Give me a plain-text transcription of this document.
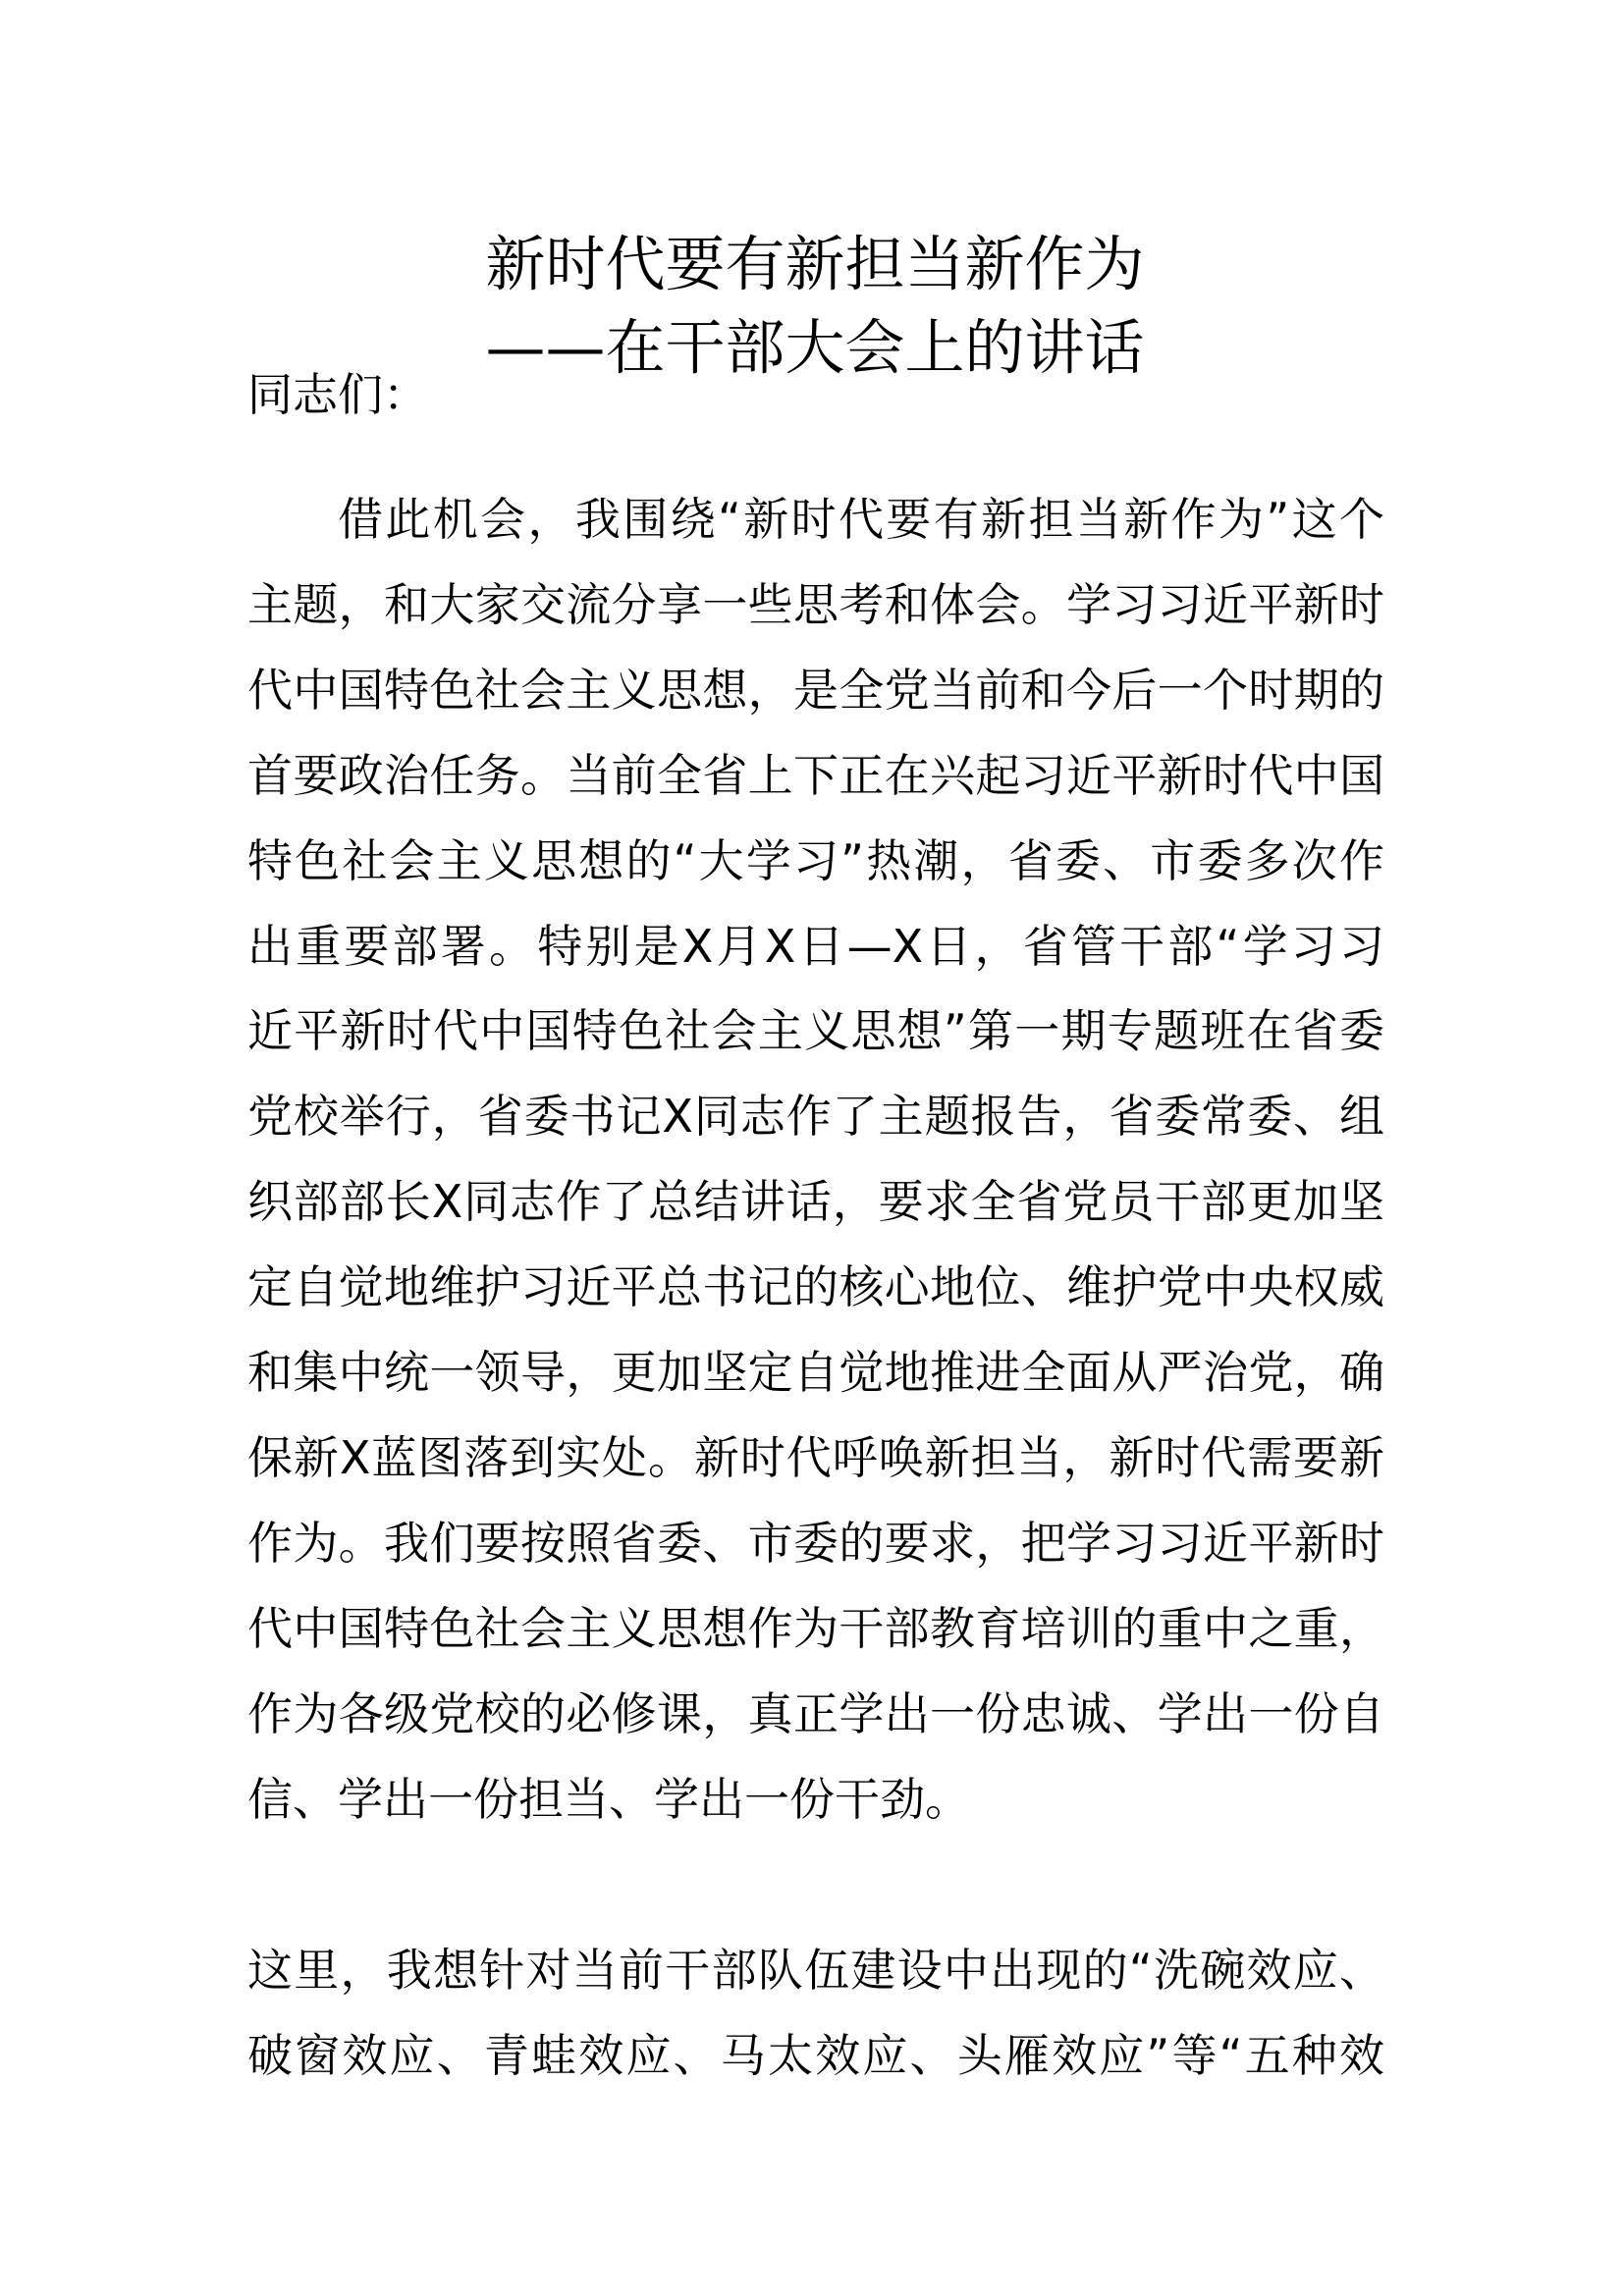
新时代要有新担当新作为
——在干部大会上的讲话
同志们：
借此机会，我围绕“新时代要有新担当新作为”这个
主题，和大家交流分享一些思考和体会。学习习近平新时
代中国特色社会主义思想，是全党当前和今后一个时期的
首要政治任务。当前全省上下正在兴起习近平新时代中国
特色社会主义思想的“大学习”热潮，省委、市委多次作
出重要部署。特别是X月X日—X日，省管干部“学习习
近平新时代中国特色社会主义思想”第一期专题班在省委
党校举行，省委书记X同志作了主题报告，省委常委、组
织部部长X同志作了总结讲话，要求全省党员干部更加坚
定自觉地维护习近平总书记的核心地位、维护党中央权威
和集中统一领导，更加坚定自觉地推进全面从严治党，确
保新X蓝图落到实处。新时代呼唤新担当，新时代需要新
作为。我们要按照省委、市委的要求，把学习习近平新时
代中国特色社会主义思想作为干部教育培训的重中之重，
作为各级党校的必修课，真正学出一份忠诚、学出一份自
信、学出一份担当、学出一份干劲。
这里，我想针对当前干部队伍建设中出现的“洗碗效应、
破窗效应、青蛙效应、马太效应、头雁效应”等“五种效
